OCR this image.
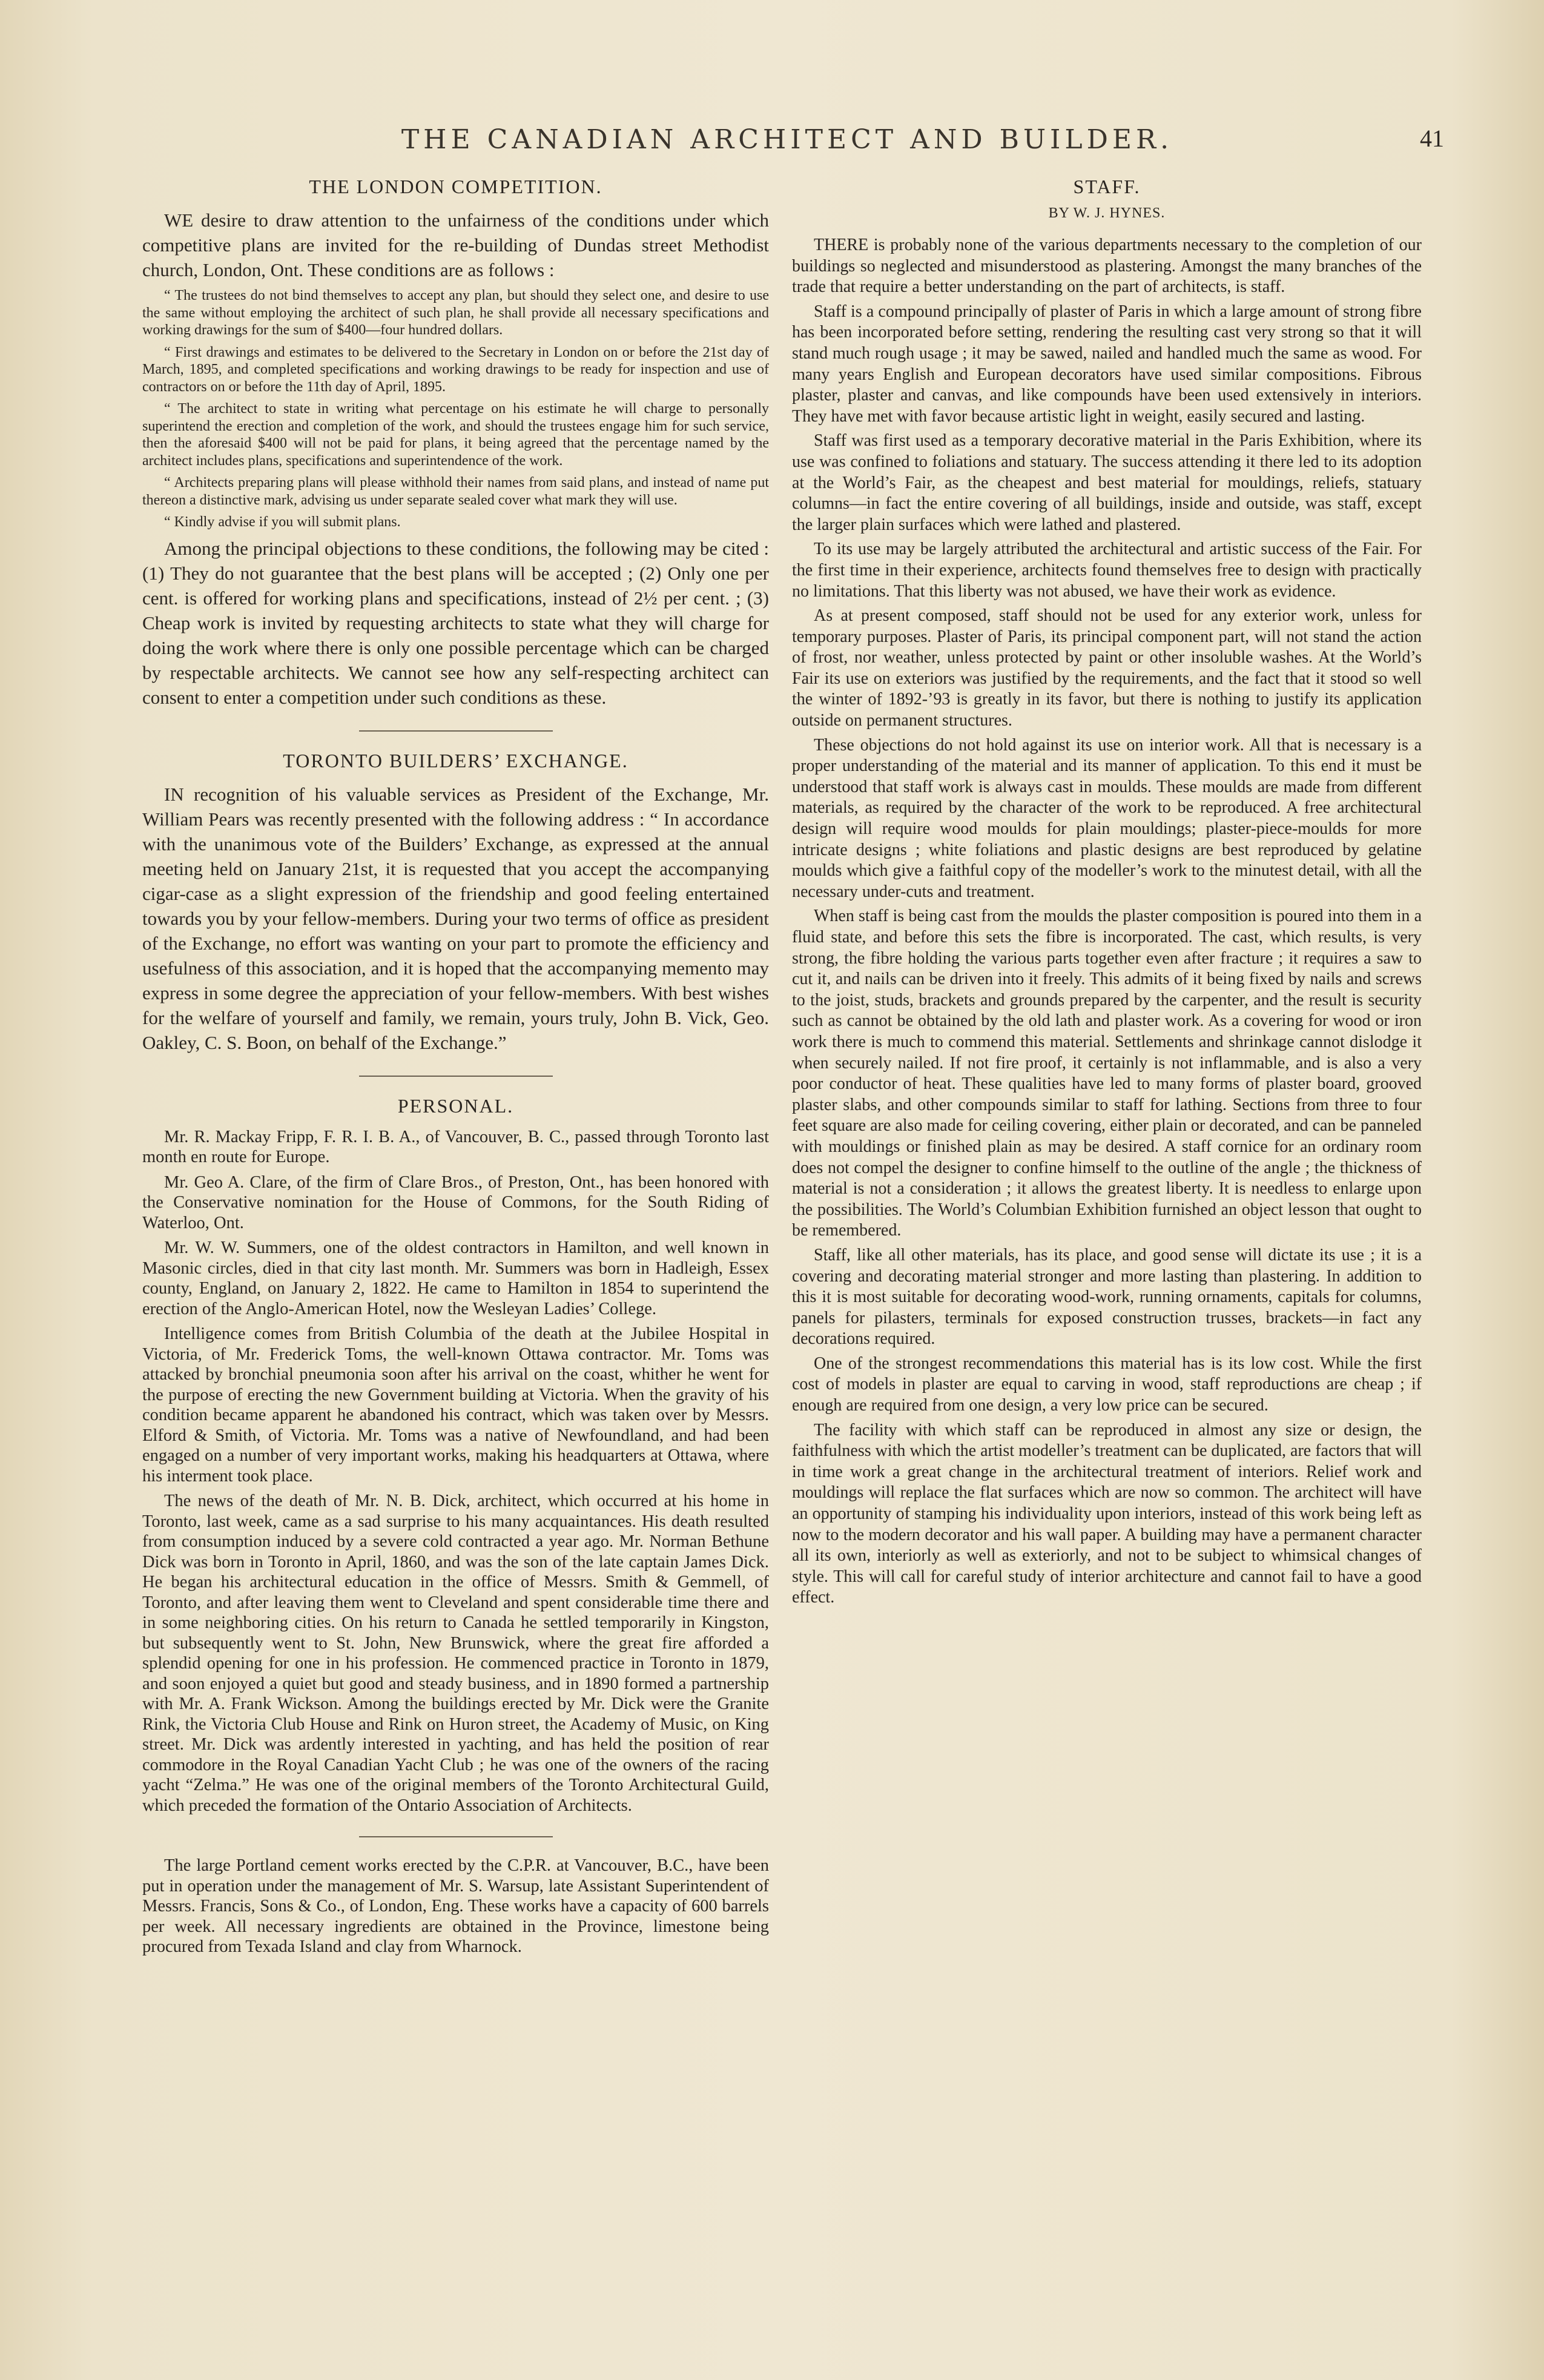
THE CANADIAN ARCHITECT AND BUILDER.	41
THE LONDON COMPETITION.

WE desire to draw attention to the unfairness of the conditions under which competitive plans are invited for the re-building of Dundas street Methodist church, London, Ont. These conditions are as follows :

“ The trustees do not bind themselves to accept any plan, but should they select one, and desire to use the same without employing the architect of such plan, he shall provide all necessary specifications and working drawings for the sum of $400—four hundred dollars.

“ First drawings and estimates to be delivered to the Secretary in London on or before the 21st day of March, 1895, and completed specifications and working drawings to be ready for inspection and use of contractors on or before the 11th day of April, 1895.

“ The architect to state in writing what percentage on his estimate he will charge to personally superintend the erection and completion of the work, and should the trustees engage him for such service, then the aforesaid $400 will not be paid for plans, it being agreed that the percentage named by the architect includes plans, specifications and superintendence of the work.

“ Architects preparing plans will please withhold their names from said plans, and instead of name put thereon a distinctive mark, advising us under separate sealed cover what mark they will use.

“ Kindly advise if you will submit plans.

Among the principal objections to these conditions, the following may be cited : (1) They do not guarantee that the best plans will be accepted ; (2) Only one per cent. is offered for working plans and specifications, instead of 2½ per cent. ; (3) Cheap work is invited by requesting architects to state what they will charge for doing the work where there is only one possible percentage which can be charged by respectable architects. We cannot see how any self-respecting architect can consent to enter a competition under such conditions as these.

TORONTO BUILDERS’ EXCHANGE.

IN recognition of his valuable services as President of the Exchange, Mr. William Pears was recently presented with the following address : “ In accordance with the unanimous vote of the Builders’ Exchange, as expressed at the annual meeting held on January 21st, it is requested that you accept the accompanying cigar-case as a slight expression of the friendship and good feeling entertained towards you by your fellow-members. During your two terms of office as president of the Exchange, no effort was wanting on your part to promote the efficiency and usefulness of this association, and it is hoped that the accompanying memento may express in some degree the appreciation of your fellow-members. With best wishes for the welfare of yourself and family, we remain, yours truly, John B. Vick, Geo. Oakley, C. S. Boon, on behalf of the Exchange.”

PERSONAL.

Mr. R. Mackay Fripp, F. R. I. B. A., of Vancouver, B. C., passed through Toronto last month en route for Europe.

Mr. Geo A. Clare, of the firm of Clare Bros., of Preston, Ont., has been honored with the Conservative nomination for the House of Commons, for the South Riding of Waterloo, Ont.

Mr. W. W. Summers, one of the oldest contractors in Hamilton, and well known in Masonic circles, died in that city last month. Mr. Summers was born in Hadleigh, Essex county, England, on January 2, 1822. He came to Hamilton in 1854 to superintend the erection of the Anglo-American Hotel, now the Wesleyan Ladies’ College.

Intelligence comes from British Columbia of the death at the Jubilee Hospital in Victoria, of Mr. Frederick Toms, the well-known Ottawa contractor. Mr. Toms was attacked by bronchial pneumonia soon after his arrival on the coast, whither he went for the purpose of erecting the new Government building at Victoria. When the gravity of his condition became apparent he abandoned his contract, which was taken over by Messrs. Elford & Smith, of Victoria. Mr. Toms was a native of Newfoundland, and had been engaged on a number of very important works, making his headquarters at Ottawa, where his interment took place.

The news of the death of Mr. N. B. Dick, architect, which occurred at his home in Toronto, last week, came as a sad surprise to his many acquaintances. His death resulted from consumption induced by a severe cold contracted a year ago. Mr. Norman Bethune Dick was born in Toronto in April, 1860, and was the son of the late captain James Dick. He began his architectural education in the office of Messrs. Smith & Gemmell, of Toronto, and after leaving them went to Cleveland and spent considerable time there and in some neighboring cities. On his return to Canada he settled temporarily in Kingston, but subsequently went to St. John, New Brunswick, where the great fire afforded a splendid opening for one in his profession. He commenced practice in Toronto in 1879, and soon enjoyed a quiet but good and steady business, and in 1890 formed a partnership with Mr. A. Frank Wickson. Among the buildings erected by Mr. Dick were the Granite Rink, the Victoria Club House and Rink on Huron street, the Academy of Music, on King street. Mr. Dick was ardently interested in yachting, and has held the position of rear commodore in the Royal Canadian Yacht Club ; he was one of the owners of the racing yacht “Zelma.” He was one of the original members of the Toronto Architectural Guild, which preceded the formation of the Ontario Association of Architects.

The large Portland cement works erected by the C.P.R. at Vancouver, B.C., have been put in operation under the management of Mr. S. Warsup, late Assistant Superintendent of Messrs. Francis, Sons & Co., of London, Eng. These works have a capacity of 600 barrels per week. All necessary ingredients are obtained in the Province, limestone being procured from Texada Island and clay from Wharnock.

STAFF.
BY W. J. HYNES.

THERE is probably none of the various departments necessary to the completion of our buildings so neglected and misunderstood as plastering. Amongst the many branches of the trade that require a better understanding on the part of architects, is staff.

Staff is a compound principally of plaster of Paris in which a large amount of strong fibre has been incorporated before setting, rendering the resulting cast very strong so that it will stand much rough usage ; it may be sawed, nailed and handled much the same as wood. For many years English and European decorators have used similar compositions. Fibrous plaster, plaster and canvas, and like compounds have been used extensively in interiors. They have met with favor because artistic light in weight, easily secured and lasting.

Staff was first used as a temporary decorative material in the Paris Exhibition, where its use was confined to foliations and statuary. The success attending it there led to its adoption at the World’s Fair, as the cheapest and best material for mouldings, reliefs, statuary columns—in fact the entire covering of all buildings, inside and outside, was staff, except the larger plain surfaces which were lathed and plastered.

To its use may be largely attributed the architectural and artistic success of the Fair. For the first time in their experience, architects found themselves free to design with practically no limitations. That this liberty was not abused, we have their work as evidence.

As at present composed, staff should not be used for any exterior work, unless for temporary purposes. Plaster of Paris, its principal component part, will not stand the action of frost, nor weather, unless protected by paint or other insoluble washes. At the World’s Fair its use on exteriors was justified by the requirements, and the fact that it stood so well the winter of 1892-’93 is greatly in its favor, but there is nothing to justify its application outside on permanent structures.

These objections do not hold against its use on interior work. All that is necessary is a proper understanding of the material and its manner of application. To this end it must be understood that staff work is always cast in moulds. These moulds are made from different materials, as required by the character of the work to be reproduced. A free architectural design will require wood moulds for plain mouldings; plaster-piece-moulds for more intricate designs ; white foliations and plastic designs are best reproduced by gelatine moulds which give a faithful copy of the modeller’s work to the minutest detail, with all the necessary under-cuts and treatment.

When staff is being cast from the moulds the plaster composition is poured into them in a fluid state, and before this sets the fibre is incorporated. The cast, which results, is very strong, the fibre holding the various parts together even after fracture ; it requires a saw to cut it, and nails can be driven into it freely. This admits of it being fixed by nails and screws to the joist, studs, brackets and grounds prepared by the carpenter, and the result is security such as cannot be obtained by the old lath and plaster work. As a covering for wood or iron work there is much to commend this material. Settlements and shrinkage cannot dislodge it when securely nailed. If not fire proof, it certainly is not inflammable, and is also a very poor conductor of heat. These qualities have led to many forms of plaster board, grooved plaster slabs, and other compounds similar to staff for lathing. Sections from three to four feet square are also made for ceiling covering, either plain or decorated, and can be panneled with mouldings or finished plain as may be desired. A staff cornice for an ordinary room does not compel the designer to confine himself to the outline of the angle ; the thickness of material is not a consideration ; it allows the greatest liberty. It is needless to enlarge upon the possibilities. The World’s Columbian Exhibition furnished an object lesson that ought to be remembered.

Staff, like all other materials, has its place, and good sense will dictate its use ; it is a covering and decorating material stronger and more lasting than plastering. In addition to this it is most suitable for decorating wood-work, running ornaments, capitals for columns, panels for pilasters, terminals for exposed construction trusses, brackets—in fact any decorations required.

One of the strongest recommendations this material has is its low cost. While the first cost of models in plaster are equal to carving in wood, staff reproductions are cheap ; if enough are required from one design, a very low price can be secured.

The facility with which staff can be reproduced in almost any size or design, the faithfulness with which the artist modeller’s treatment can be duplicated, are factors that will in time work a great change in the architectural treatment of interiors. Relief work and mouldings will replace the flat surfaces which are now so common. The architect will have an opportunity of stamping his individuality upon interiors, instead of this work being left as now to the modern decorator and his wall paper. A building may have a permanent character all its own, interiorly as well as exteriorly, and not to be subject to whimsical changes of style. This will call for careful study of interior architecture and cannot fail to have a good effect.
